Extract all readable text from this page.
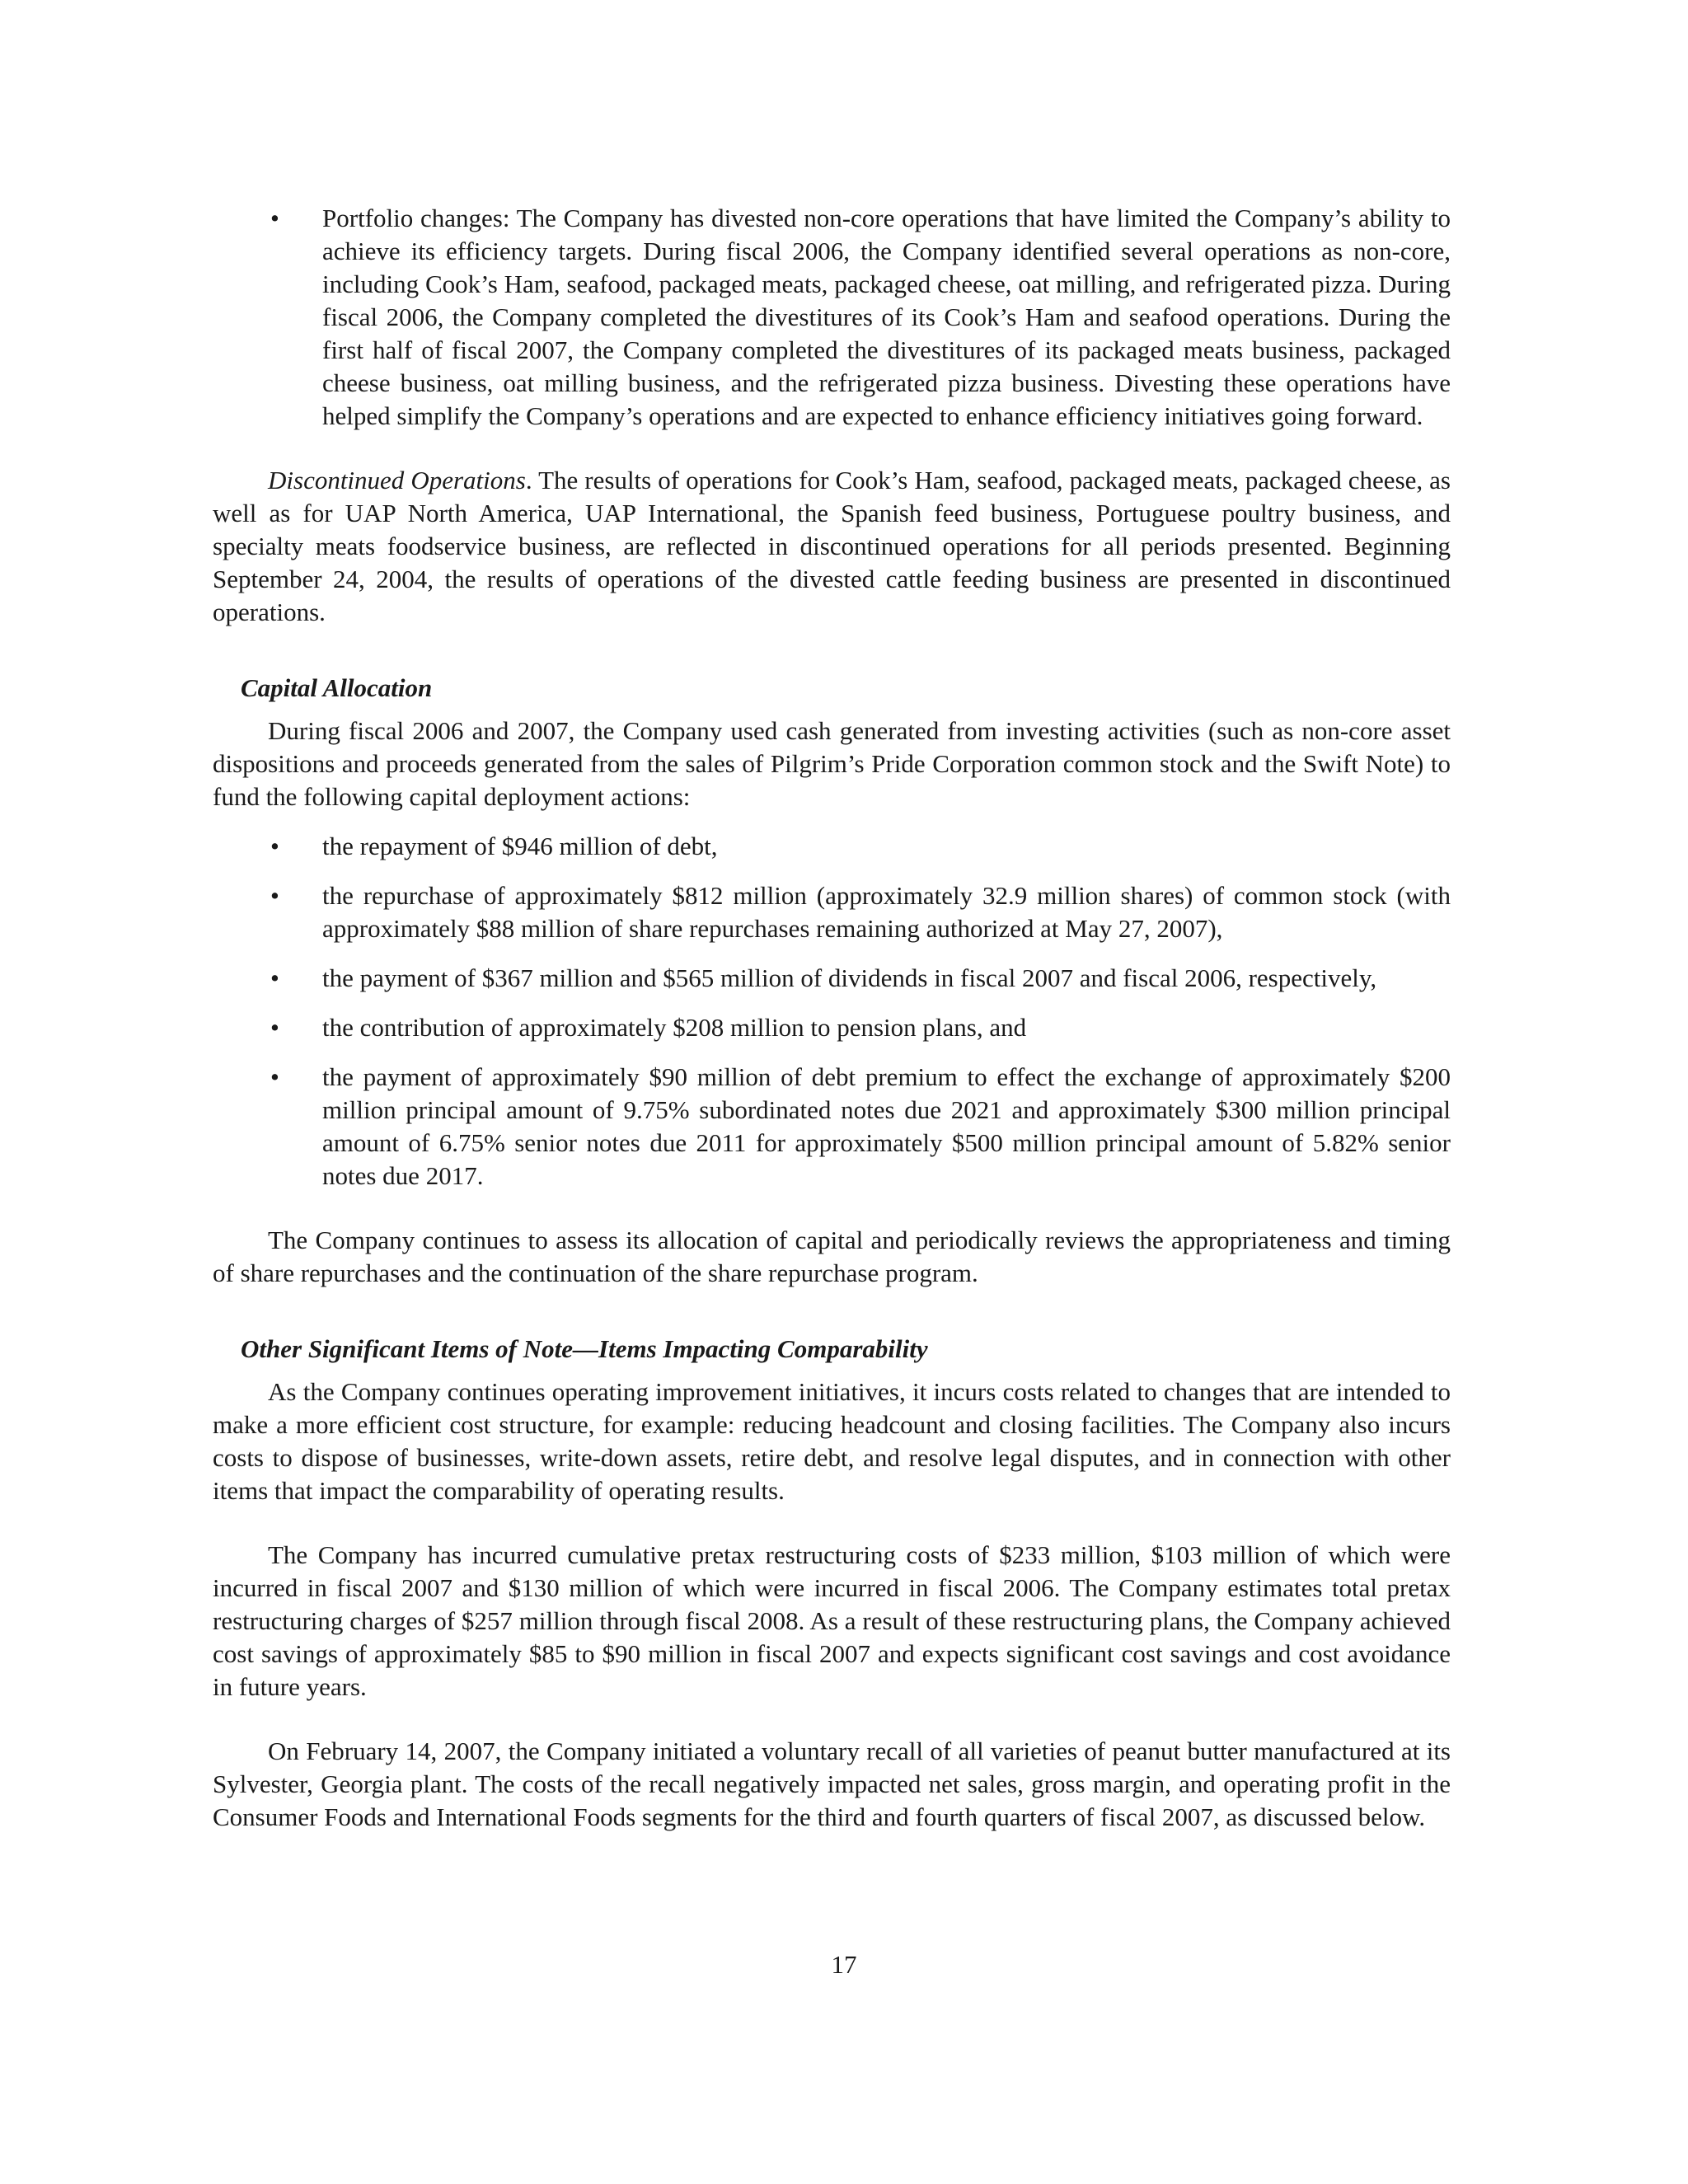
• Portfolio changes: The Company has divested non-core operations that have limited the Company’s ability to achieve its efficiency targets. During fiscal 2006, the Company identified several operations as non-core, including Cook’s Ham, seafood, packaged meats, packaged cheese, oat milling, and refrigerated pizza. During fiscal 2006, the Company completed the divestitures of its Cook’s Ham and seafood operations. During the first half of fiscal 2007, the Company completed the divestitures of its packaged meats business, packaged cheese business, oat milling business, and the refrigerated pizza business. Divesting these operations have helped simplify the Company’s operations and are expected to enhance efficiency initiatives going forward.

Discontinued Operations. The results of operations for Cook’s Ham, seafood, packaged meats, packaged cheese, as well as for UAP North America, UAP International, the Spanish feed business, Portuguese poultry business, and specialty meats foodservice business, are reflected in discontinued operations for all periods presented. Beginning September 24, 2004, the results of operations of the divested cattle feeding business are presented in discontinued operations.

Capital Allocation

During fiscal 2006 and 2007, the Company used cash generated from investing activities (such as non-core asset dispositions and proceeds generated from the sales of Pilgrim’s Pride Corporation common stock and the Swift Note) to fund the following capital deployment actions:

• the repayment of $946 million of debt,
• the repurchase of approximately $812 million (approximately 32.9 million shares) of common stock (with approximately $88 million of share repurchases remaining authorized at May 27, 2007),
• the payment of $367 million and $565 million of dividends in fiscal 2007 and fiscal 2006, respectively,
• the contribution of approximately $208 million to pension plans, and
• the payment of approximately $90 million of debt premium to effect the exchange of approximately $200 million principal amount of 9.75% subordinated notes due 2021 and approximately $300 million principal amount of 6.75% senior notes due 2011 for approximately $500 million principal amount of 5.82% senior notes due 2017.

The Company continues to assess its allocation of capital and periodically reviews the appropriateness and timing of share repurchases and the continuation of the share repurchase program.

Other Significant Items of Note—Items Impacting Comparability

As the Company continues operating improvement initiatives, it incurs costs related to changes that are intended to make a more efficient cost structure, for example: reducing headcount and closing facilities. The Company also incurs costs to dispose of businesses, write-down assets, retire debt, and resolve legal disputes, and in connection with other items that impact the comparability of operating results.

The Company has incurred cumulative pretax restructuring costs of $233 million, $103 million of which were incurred in fiscal 2007 and $130 million of which were incurred in fiscal 2006. The Company estimates total pretax restructuring charges of $257 million through fiscal 2008. As a result of these restructuring plans, the Company achieved cost savings of approximately $85 to $90 million in fiscal 2007 and expects significant cost savings and cost avoidance in future years.

On February 14, 2007, the Company initiated a voluntary recall of all varieties of peanut butter manufactured at its Sylvester, Georgia plant. The costs of the recall negatively impacted net sales, gross margin, and operating profit in the Consumer Foods and International Foods segments for the third and fourth quarters of fiscal 2007, as discussed below.

17
